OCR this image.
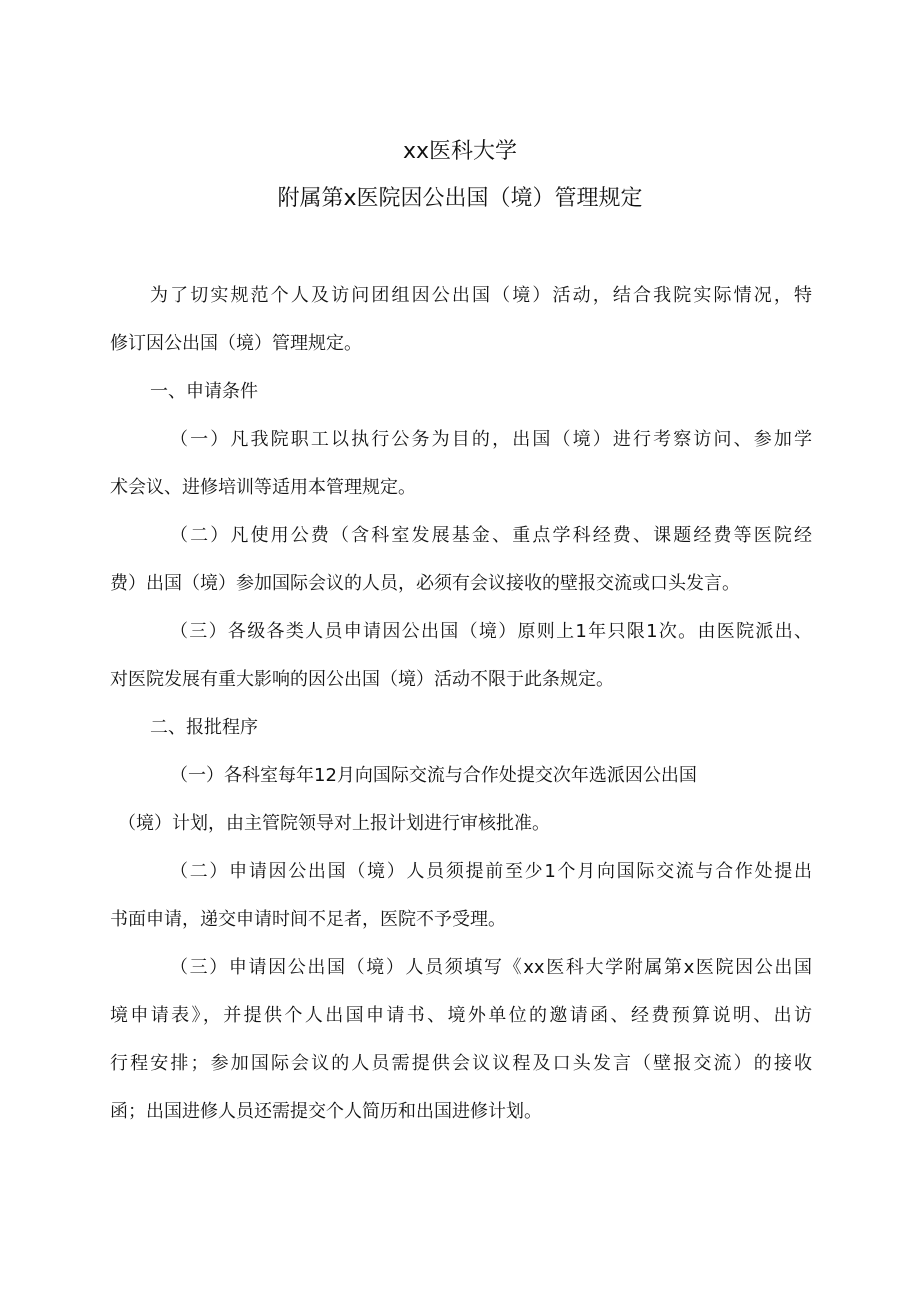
xx医科大学
附属第x医院因公出国（境）管理规定
为了切实规范个人及访问团组因公出国（境）活动，结合我院实际情况，特
修订因公出国（境）管理规定。
一、申请条件
（一）凡我院职工以执行公务为目的，出国（境）进行考察访问、参加学
术会议、进修培训等适用本管理规定。
（二）凡使用公费（含科室发展基金、重点学科经费、课题经费等医院经
费）出国（境）参加国际会议的人员，必须有会议接收的壁报交流或口头发言。
（三）各级各类人员申请因公出国（境）原则上1年只限1次。由医院派出、
对医院发展有重大影响的因公出国（境）活动不限于此条规定。
二、报批程序
（一）各科室每年12月向国际交流与合作处提交次年选派因公出国
（境）计划，由主管院领导对上报计划进行审核批准。
（二）申请因公出国（境）人员须提前至少1个月向国际交流与合作处提出
书面申请，递交申请时间不足者，医院不予受理。
（三）申请因公出国（境）人员须填写《xx医科大学附属第x医院因公出国
境申请表》，并提供个人出国申请书、境外单位的邀请函、经费预算说明、出访
行程安排；参加国际会议的人员需提供会议议程及口头发言（壁报交流）的接收
函；出国进修人员还需提交个人简历和出国进修计划。
